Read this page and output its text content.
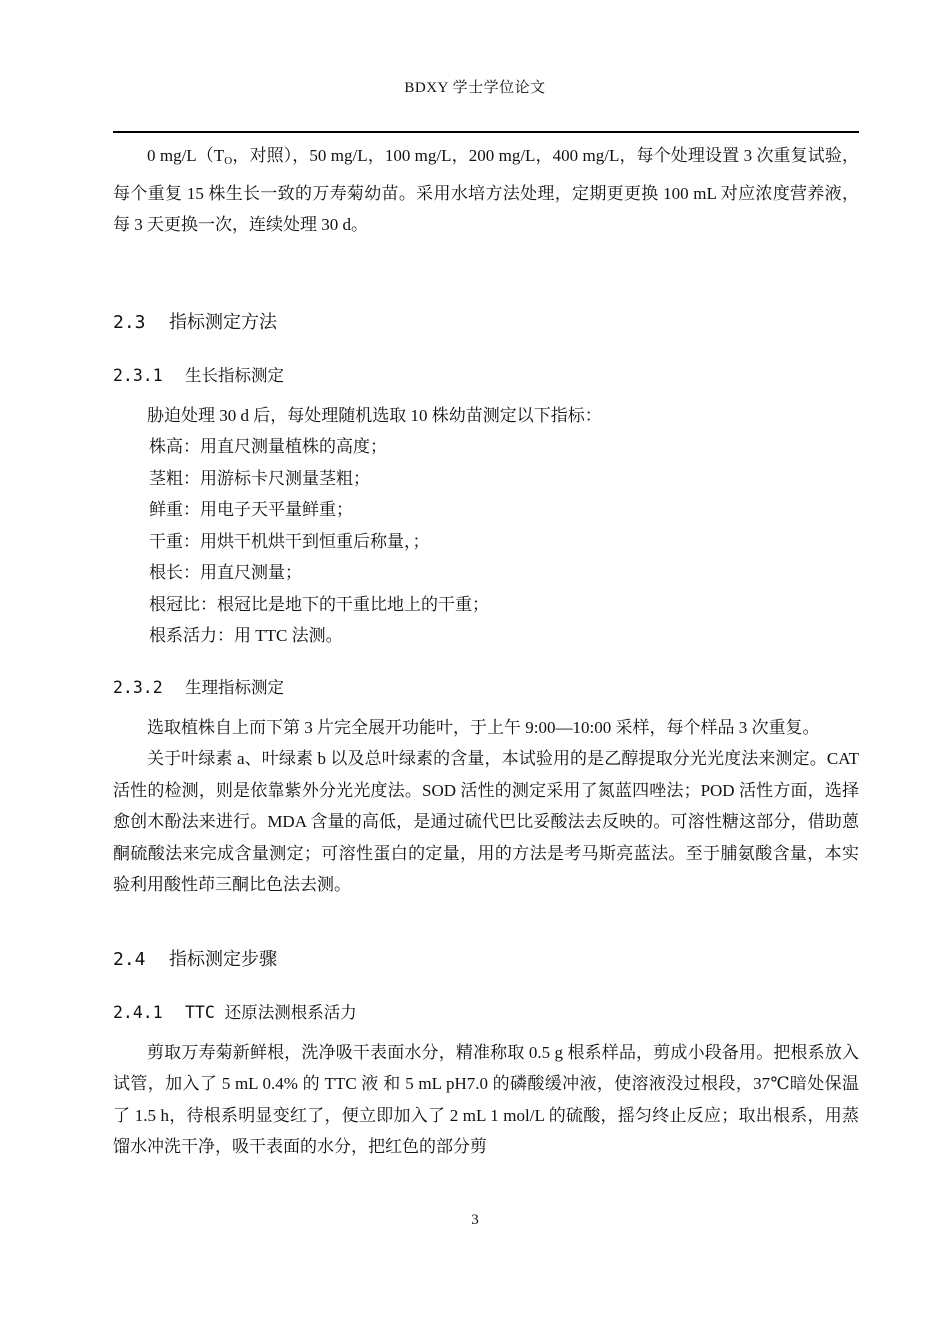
BDXY 学士学位论文

0 $mg/L(T_O$，对照），50 mg/L，100 mg/L，200 mg/L，400 mg/L，每个处理设置 3 次重复试验，每个重复 15 株生长一致的万寿菊幼苗。采用水培方法处理，定期更更换 100 mL 对应浓度营养液，每 3 天更换一次，连续处理 30 d。

2.3 指标测定方法
2.3.1 生长指标测定

胁迫处理 30 d 后，每处理随机选取 10 株幼苗测定以下指标：

株高：用直尺测量植株的高度；

茎粗：用游标卡尺测量茎粗；

鲜重：用电子天平量鲜重；

干重：用烘干机烘干到恒重后称量，；

根长：用直尺测量；

根冠比：根冠比是地下的干重比地上的干重；

根系活力：用 TTC 法测。

2.3.2 生理指标测定

选取植株自上而下第 3 片完全展开功能叶，于上午 9:00—10:00 采样，每个样品 3 次重复。

关于叶绿素 a、叶绿素 b 以及总叶绿素的含量，本试验用的是乙醇提取分光光度法来测定。CAT 活性的检测，则是依靠紫外分光光度法。SOD 活性的测定采用了氮蓝四唑法；POD 活性方面，选择愈创木酚法来进行。MDA 含量的高低，是通过硫代巴比妥酸法去反映的。可溶性糖这部分，借助蒽酮硫酸法来完成含量测定；可溶性蛋白的定量，用的方法是考马斯亮蓝法。至于脯氨酸含量，本实验利用酸性茚三酮比色法去测。

2.4 指标测定步骤
2.4.1 TTC 还原法测根系活力

剪取万寿菊新鲜根，洗净吸干表面水分，精准称取 0.5 g 根系样品，剪成小段备用。把根系放入试管，加入了 5 mL 0.4% 的 TTC 液 和 5 mL pH7.0 的磷酸缓冲液，使溶液没过根段，37℃暗处保温了 1.5 h，待根系明显变红了，便立即加入了 2 mL 1 mol/L 的硫酸，摇匀终止反应；取出根系，用蒸馏水冲洗干净，吸干表面的水分，把红色的部分剪

3
